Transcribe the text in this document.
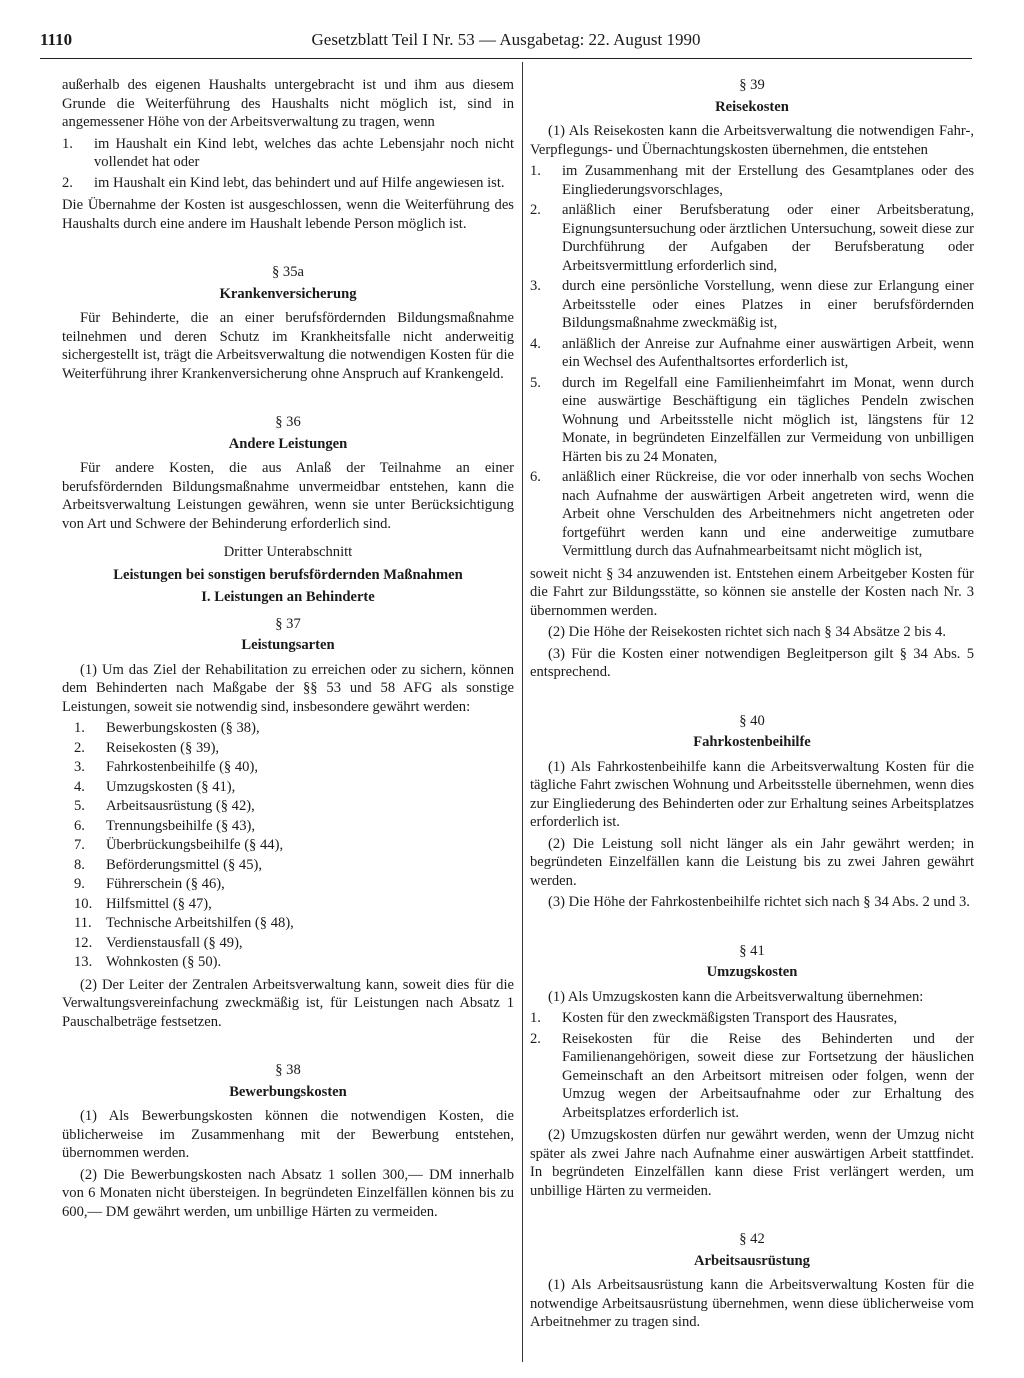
1110	Gesetzblatt Teil I Nr. 53 — Ausgabetag: 22. August 1990

außerhalb des eigenen Haushalts untergebracht ist und ihm aus diesem Grunde die Weiterführung des Haushalts nicht möglich ist, sind in angemessener Höhe von der Arbeitsverwaltung zu tragen, wenn

1.	im Haushalt ein Kind lebt, welches das achte Lebensjahr noch nicht vollendet hat oder
2.	im Haushalt ein Kind lebt, das behindert und auf Hilfe angewiesen ist.

Die Übernahme der Kosten ist ausgeschlossen, wenn die Weiterführung des Haushalts durch eine andere im Haushalt lebende Person möglich ist.

§ 35a
Krankenversicherung

Für Behinderte, die an einer berufsfördernden Bildungsmaßnahme teilnehmen und deren Schutz im Krankheitsfalle nicht anderweitig sichergestellt ist, trägt die Arbeitsverwaltung die notwendigen Kosten für die Weiterführung ihrer Krankenversicherung ohne Anspruch auf Krankengeld.

§ 36
Andere Leistungen

Für andere Kosten, die aus Anlaß der Teilnahme an einer berufsfördernden Bildungsmaßnahme unvermeidbar entstehen, kann die Arbeitsverwaltung Leistungen gewähren, wenn sie unter Berücksichtigung von Art und Schwere der Behinderung erforderlich sind.

Dritter Unterabschnitt
Leistungen bei sonstigen berufsfördernden Maßnahmen
I. Leistungen an Behinderte
§ 37
Leistungsarten

(1) Um das Ziel der Rehabilitation zu erreichen oder zu sichern, können dem Behinderten nach Maßgabe der §§ 53 und 58 AFG als sonstige Leistungen, soweit sie notwendig sind, insbesondere gewährt werden:

1.	Bewerbungskosten (§ 38),
2.	Reisekosten (§ 39),
3.	Fahrkostenbeihilfe (§ 40),
4.	Umzugskosten (§ 41),
5.	Arbeitsausrüstung (§ 42),
6.	Trennungsbeihilfe (§ 43),
7.	Überbrückungsbeihilfe (§ 44),
8.	Beförderungsmittel (§ 45),
9.	Führerschein (§ 46),
10. Hilfsmittel (§ 47),
11. Technische Arbeitshilfen (§ 48),
12. Verdienstausfall (§ 49),
13. Wohnkosten (§ 50).

(2) Der Leiter der Zentralen Arbeitsverwaltung kann, soweit dies für die Verwaltungsvereinfachung zweckmäßig ist, für Leistungen nach Absatz 1 Pauschalbeträge festsetzen.

§ 38
Bewerbungskosten

(1) Als Bewerbungskosten können die notwendigen Kosten, die üblicherweise im Zusammenhang mit der Bewerbung entstehen, übernommen werden.

(2) Die Bewerbungskosten nach Absatz 1 sollen 300,— DM innerhalb von 6 Monaten nicht übersteigen. In begründeten Einzelfällen können bis zu 600,— DM gewährt werden, um unbillige Härten zu vermeiden.

§ 39
Reisekosten

(1) Als Reisekosten kann die Arbeitsverwaltung die notwendigen Fahr-, Verpflegungs- und Übernachtungskosten übernehmen, die entstehen

1.	im Zusammenhang mit der Erstellung des Gesamtplanes oder des Eingliederungsvorschlages,
2.	anläßlich einer Berufsberatung oder einer Arbeitsberatung, Eignungsuntersuchung oder ärztlichen Untersuchung, soweit diese zur Durchführung der Aufgaben der Berufsberatung oder Arbeitsvermittlung erforderlich sind,
3.	durch eine persönliche Vorstellung, wenn diese zur Erlangung einer Arbeitsstelle oder eines Platzes in einer berufsfördernden Bildungsmaßnahme zweckmäßig ist,
4.	anläßlich der Anreise zur Aufnahme einer auswärtigen Arbeit, wenn ein Wechsel des Aufenthaltsortes erforderlich ist,
5.	durch im Regelfall eine Familienheimfahrt im Monat, wenn durch eine auswärtige Beschäftigung ein tägliches Pendeln zwischen Wohnung und Arbeitsstelle nicht möglich ist, längstens für 12 Monate, in begründeten Einzelfällen zur Vermeidung von unbilligen Härten bis zu 24 Monaten,
6.	anläßlich einer Rückreise, die vor oder innerhalb von sechs Wochen nach Aufnahme der auswärtigen Arbeit angetreten wird, wenn die Arbeit ohne Verschulden des Arbeitnehmers nicht angetreten oder fortgeführt werden kann und eine anderweitige zumutbare Vermittlung durch das Aufnahmearbeitsamt nicht möglich ist,

soweit nicht § 34 anzuwenden ist. Entstehen einem Arbeitgeber Kosten für die Fahrt zur Bildungsstätte, so können sie anstelle der Kosten nach Nr. 3 übernommen werden.

(2) Die Höhe der Reisekosten richtet sich nach § 34 Absätze 2 bis 4.

(3) Für die Kosten einer notwendigen Begleitperson gilt § 34 Abs. 5 entsprechend.

§ 40
Fahrkostenbeihilfe

(1) Als Fahrkostenbeihilfe kann die Arbeitsverwaltung Kosten für die tägliche Fahrt zwischen Wohnung und Arbeitsstelle übernehmen, wenn dies zur Eingliederung des Behinderten oder zur Erhaltung seines Arbeitsplatzes erforderlich ist.

(2) Die Leistung soll nicht länger als ein Jahr gewährt werden; in begründeten Einzelfällen kann die Leistung bis zu zwei Jahren gewährt werden.

(3) Die Höhe der Fahrkostenbeihilfe richtet sich nach § 34 Abs. 2 und 3.

§ 41
Umzugskosten

(1) Als Umzugskosten kann die Arbeitsverwaltung übernehmen:

1.	Kosten für den zweckmäßigsten Transport des Hausrates,
2.	Reisekosten für die Reise des Behinderten und der Familienangehörigen, soweit diese zur Fortsetzung der häuslichen Gemeinschaft an den Arbeitsort mitreisen oder folgen, wenn der Umzug wegen der Arbeitsaufnahme oder zur Erhaltung des Arbeitsplatzes erforderlich ist.

(2) Umzugskosten dürfen nur gewährt werden, wenn der Umzug nicht später als zwei Jahre nach Aufnahme einer auswärtigen Arbeit stattfindet. In begründeten Einzelfällen kann diese Frist verlängert werden, um unbillige Härten zu vermeiden.

§ 42
Arbeitsausrüstung

(1) Als Arbeitsausrüstung kann die Arbeitsverwaltung Kosten für die notwendige Arbeitsausrüstung übernehmen, wenn diese üblicherweise vom Arbeitnehmer zu tragen sind.
